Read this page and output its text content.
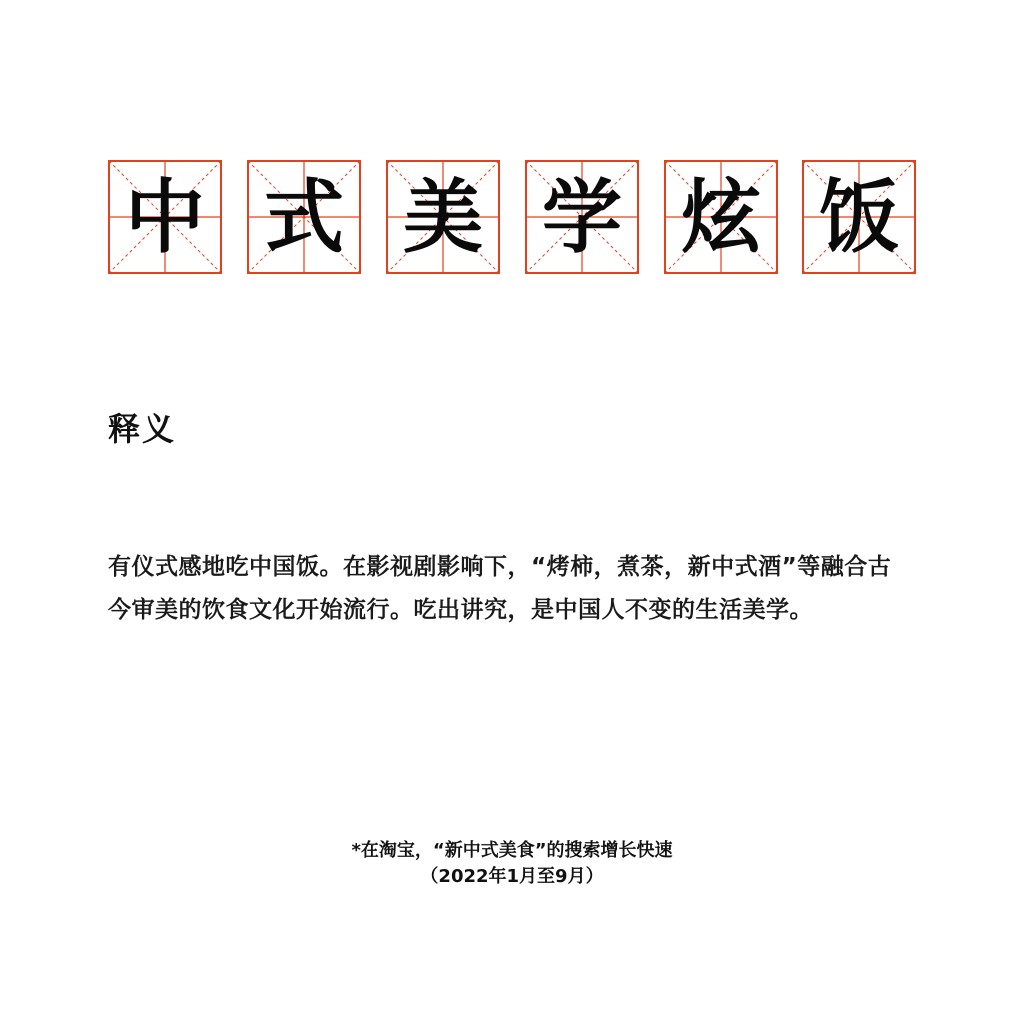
中 式 美 学 炫 饭
释义
有仪式感地吃中国饭。在影视剧影响下，“烤柿，煮茶，新中式酒”等融合古今审美的饮食文化开始流行。吃出讲究，是中国人不变的生活美学。
*在淘宝，“新中式美食”的搜索增长快速
（2022年1月至9月）
